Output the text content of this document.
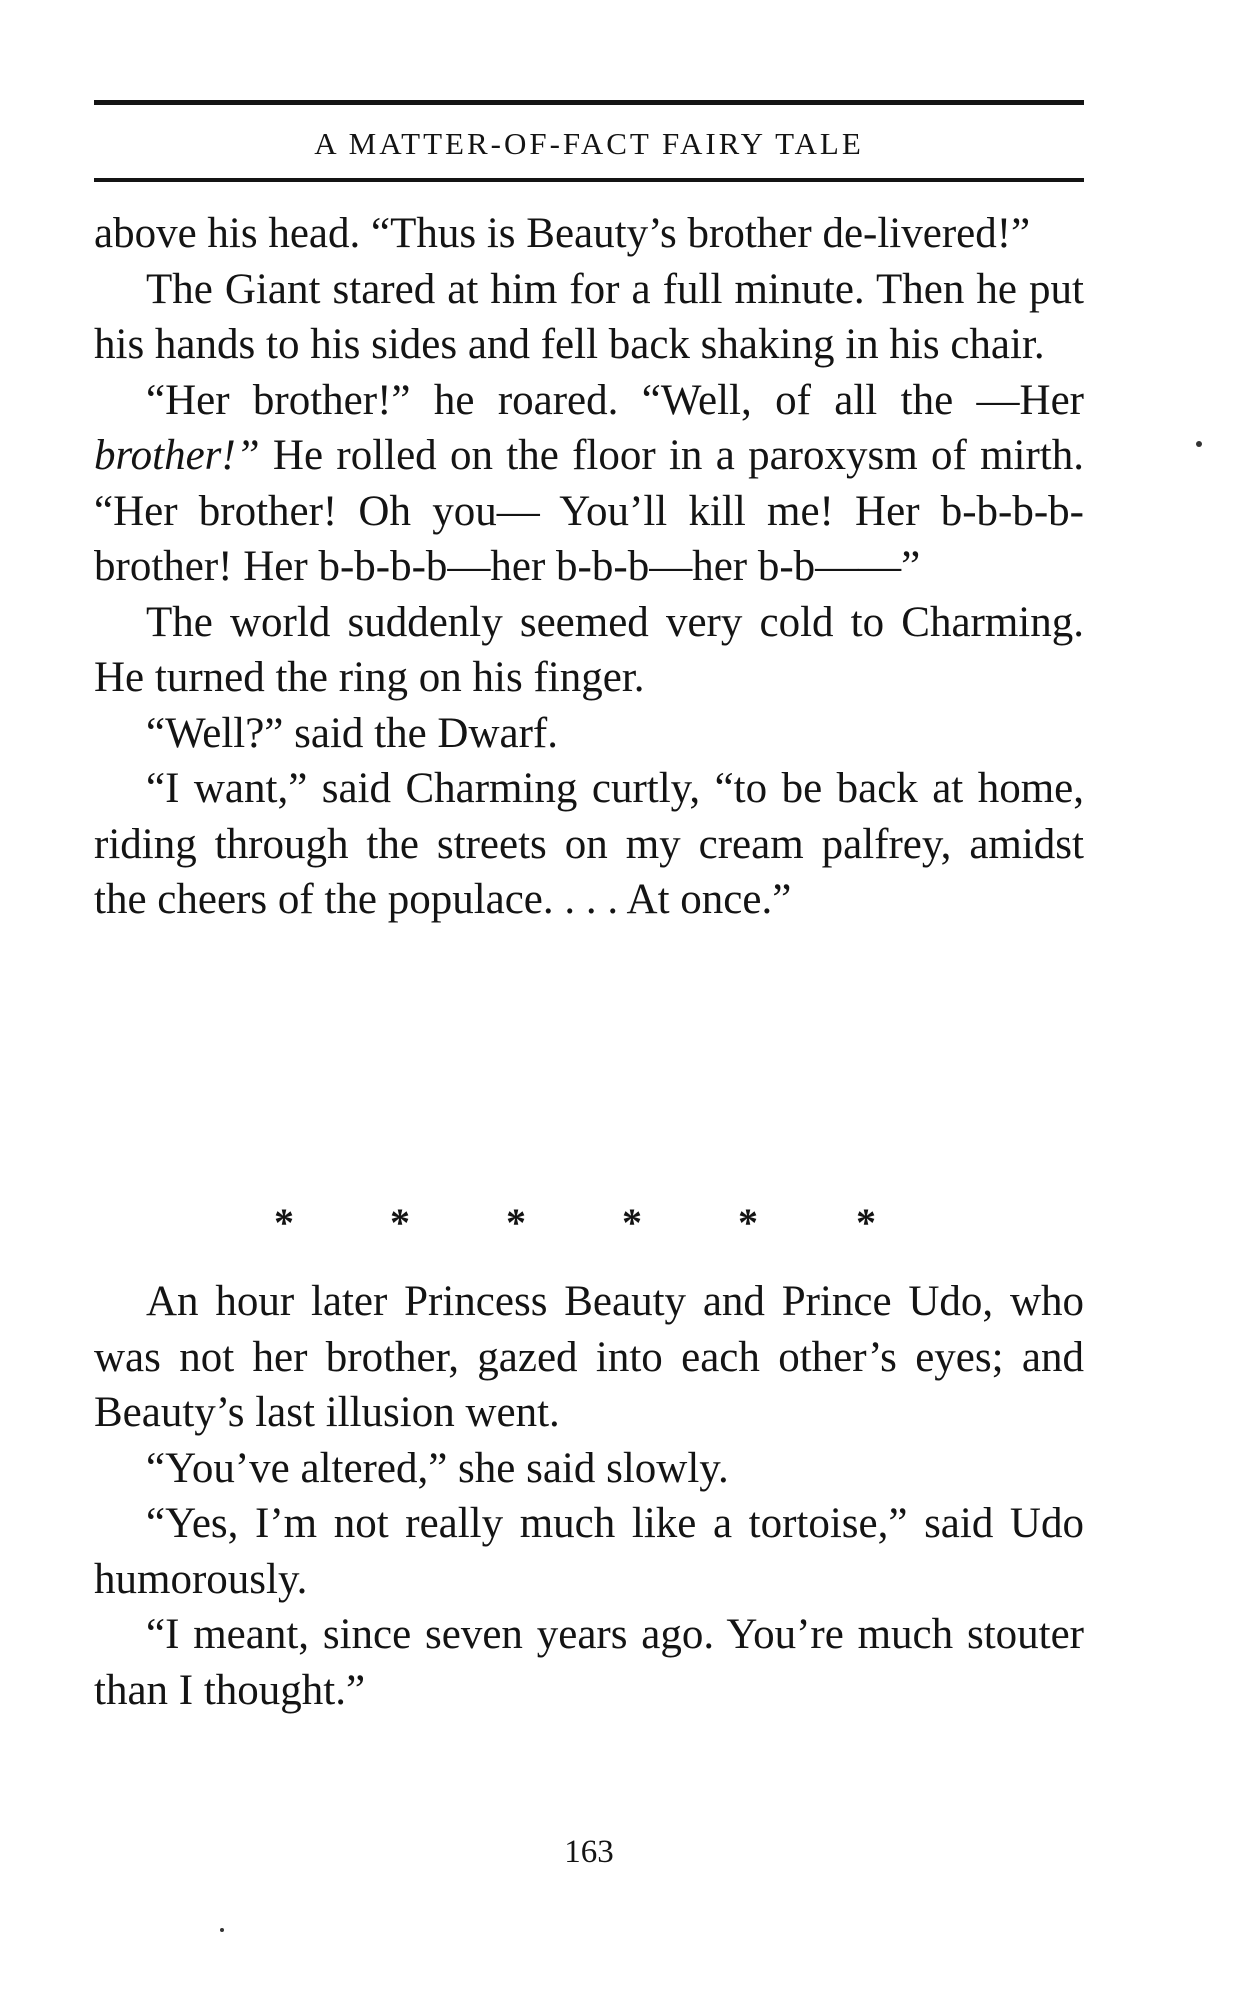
A MATTER-OF-FACT FAIRY TALE

above his head. “Thus is Beauty’s brother de-livered!”

The Giant stared at him for a full minute. Then he put his hands to his sides and fell back shaking in his chair.

“Her brother!” he roared. “Well, of all the —Her brother!” He rolled on the floor in a paroxysm of mirth. “Her brother! Oh you— You’ll kill me! Her b-b-b-b-brother! Her b-b-b-b—her b-b-b—her b-b——”

The world suddenly seemed very cold to Charming. He turned the ring on his finger.

“Well?” said the Dwarf.

“I want,” said Charming curtly, “to be back at home, riding through the streets on my cream palfrey, amidst the cheers of the populace. . . . At once.”

* * * * * *

An hour later Princess Beauty and Prince Udo, who was not her brother, gazed into each other’s eyes; and Beauty’s last illusion went.

“You’ve altered,” she said slowly.

“Yes, I’m not really much like a tortoise,” said Udo humorously.

“I meant, since seven years ago. You’re much stouter than I thought.”

163
